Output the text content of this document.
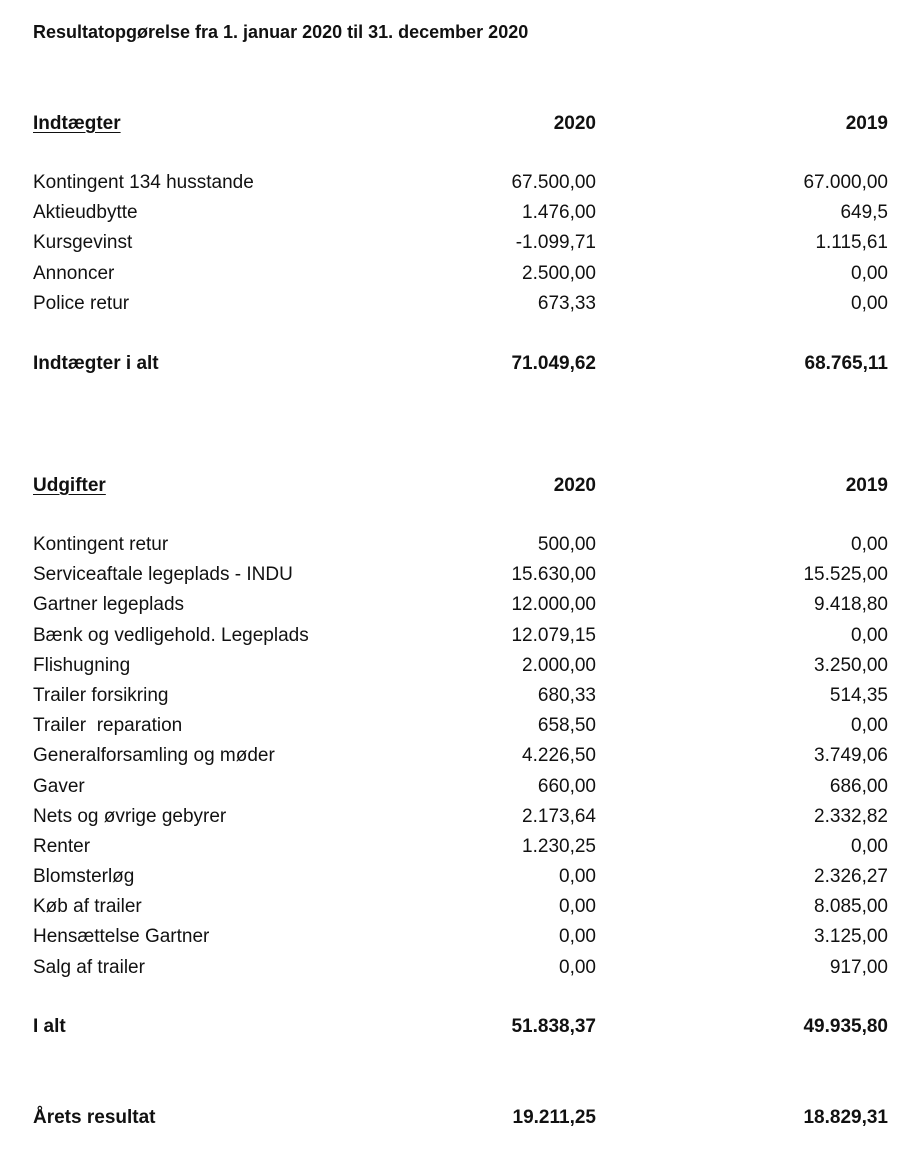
Resultatopgørelse fra 1. januar 2020 til 31. december 2020
Indtægter	2020	2019
Kontingent 134 husstande	67.500,00	67.000,00
Aktieudbytte	1.476,00	649,5
Kursgevinst	-1.099,71	1.115,61
Annoncer	2.500,00	0,00
Police retur	673,33	0,00
Indtægter i alt	71.049,62	68.765,11
Udgifter	2020	2019
Kontingent retur	500,00	0,00
Serviceaftale legeplads - INDU	15.630,00	15.525,00
Gartner legeplads	12.000,00	9.418,80
Bænk og vedligehold. Legeplads	12.079,15	0,00
Flishugning	2.000,00	3.250,00
Trailer forsikring	680,33	514,35
Trailer  reparation	658,50	0,00
Generalforsamling og møder	4.226,50	3.749,06
Gaver	660,00	686,00
Nets og øvrige gebyrer	2.173,64	2.332,82
Renter	1.230,25	0,00
Blomsterløg	0,00	2.326,27
Køb af trailer	0,00	8.085,00
Hensættelse Gartner	0,00	3.125,00
Salg af trailer	0,00	917,00
I alt	51.838,37	49.935,80
Årets resultat	19.211,25	18.829,31
